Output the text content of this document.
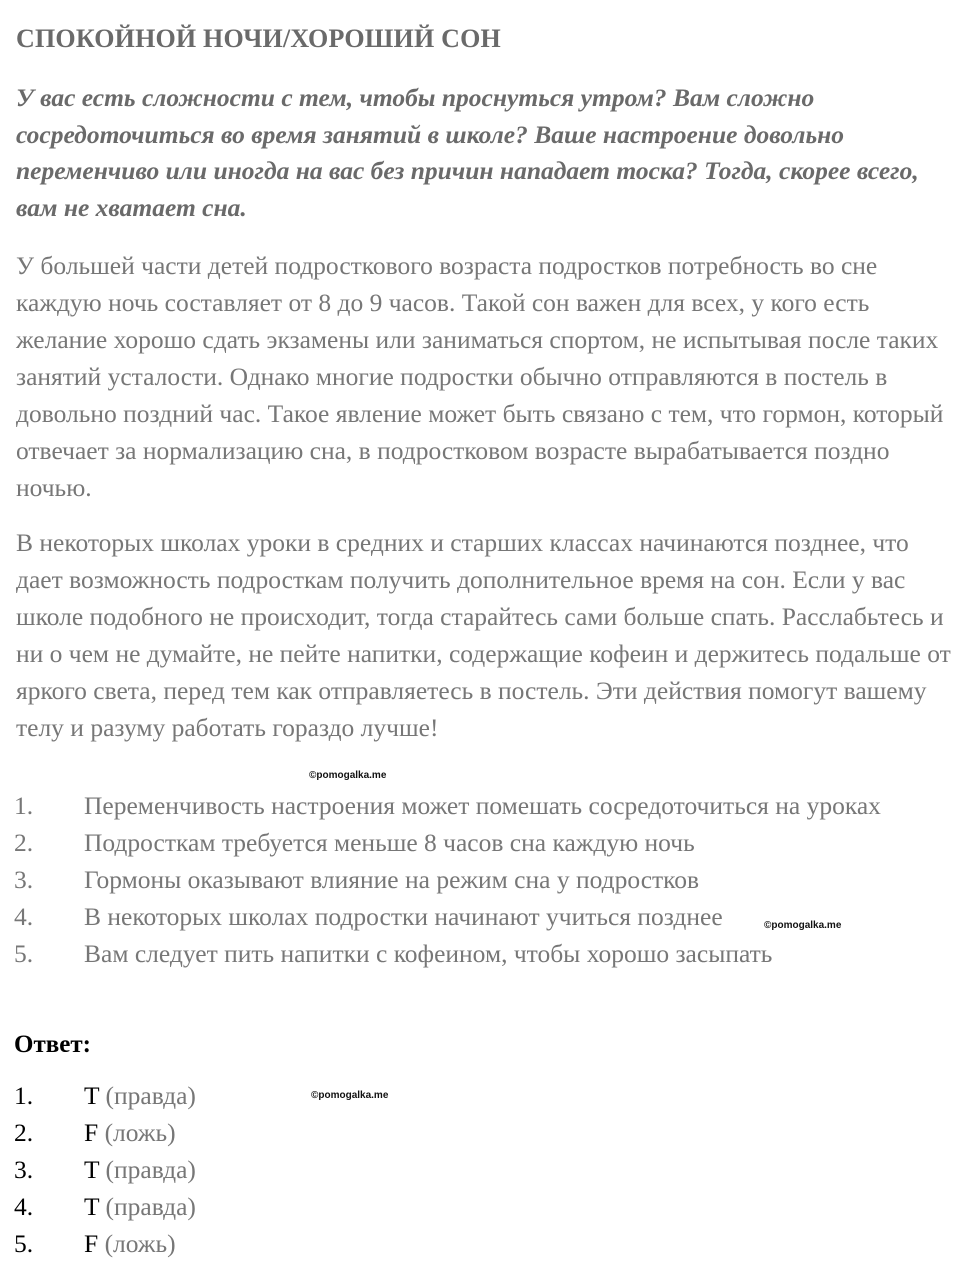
СПОКОЙНОЙ НОЧИ/ХОРОШИЙ СОН
У вас есть сложности с тем, чтобы проснуться утром? Вам сложно сосредоточиться во время занятий в школе? Ваше настроение довольно переменчиво или иногда на вас без причин нападает тоска? Тогда, скорее всего, вам не хватает сна.
У большей части детей подросткового возраста подростков потребность во сне каждую ночь составляет от 8 до 9 часов. Такой сон важен для всех, у кого есть желание хорошо сдать экзамены или заниматься спортом, не испытывая после таких занятий усталости. Однако многие подростки обычно отправляются в постель в довольно поздний час. Такое явление может быть связано с тем, что гормон, который отвечает за нормализацию сна, в подростковом возрасте вырабатывается поздно ночью.
В некоторых школах уроки в средних и старших классах начинаются позднее, что дает возможность подросткам получить дополнительное время на сон. Если у вас школе подобного не происходит, тогда старайтесь сами больше спать. Расслабьтесь и ни о чем не думайте, не пейте напитки, содержащие кофеин и держитесь подальше от яркого света, перед тем как отправляетесь в постель. Эти действия помогут вашему телу и разуму работать гораздо лучше!
1. Переменчивость настроения может помешать сосредоточиться на уроках
2. Подросткам требуется меньше 8 часов сна каждую ночь
3. Гормоны оказывают влияние на режим сна у подростков
4. В некоторых школах подростки начинают учиться позднее
5. Вам следует пить напитки с кофеином, чтобы хорошо засыпать
Ответ:
1. T (правда)
2. F (ложь)
3. T (правда)
4. T (правда)
5. F (ложь)
©pomogalka.me
©pomogalka.me
©pomogalka.me
